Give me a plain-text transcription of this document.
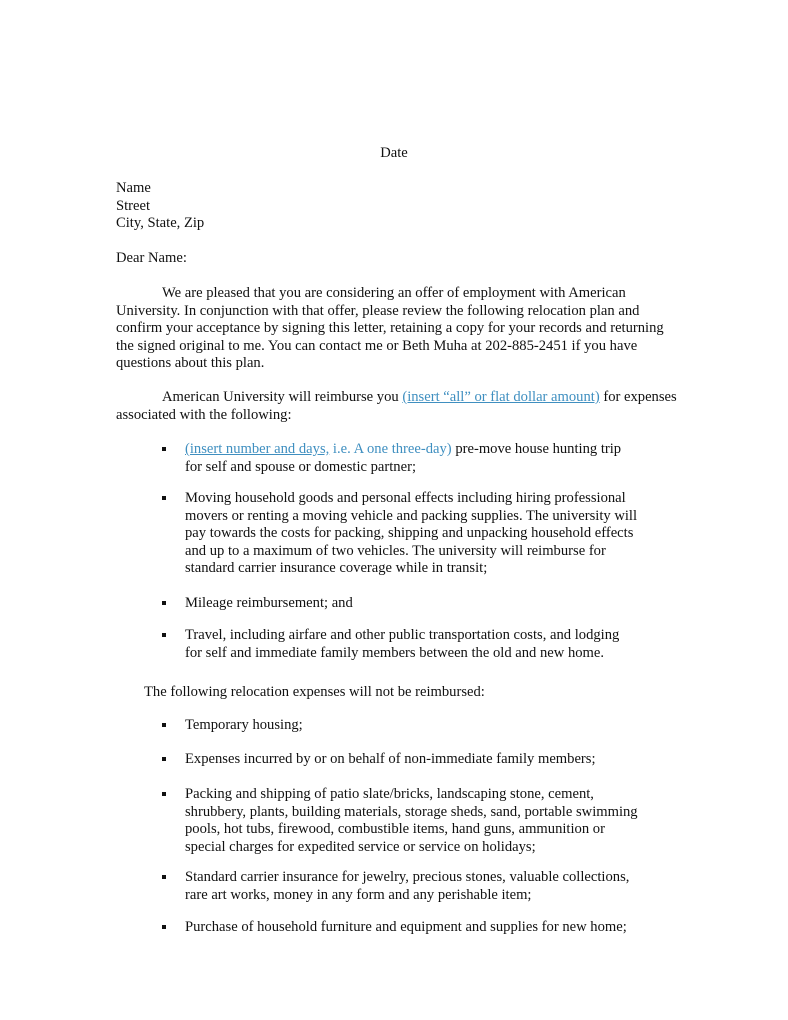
Date
Name
Street
City, State, Zip
Dear Name:
We are pleased that you are considering an offer of employment with American
University. In conjunction with that offer, please review the following relocation plan and
confirm your acceptance by signing this letter, retaining a copy for your records and returning
the signed original to me. You can contact me or Beth Muha at 202-885-2451 if you have
questions about this plan.
American University will reimburse you (insert “all” or flat dollar amount) for expenses
associated with the following:
(insert number and days, i.e. A one three-day) pre-move house hunting trip
for self and spouse or domestic partner;
Moving household goods and personal effects including hiring professional
movers or renting a moving vehicle and packing supplies. The university will
pay towards the costs for packing, shipping and unpacking household effects
and up to a maximum of two vehicles. The university will reimburse for
standard carrier insurance coverage while in transit;
Mileage reimbursement; and
Travel, including airfare and other public transportation costs, and lodging
for self and immediate family members between the old and new home.
The following relocation expenses will not be reimbursed:
Temporary housing;
Expenses incurred by or on behalf of non-immediate family members;
Packing and shipping of patio slate/bricks, landscaping stone, cement,
shrubbery, plants, building materials, storage sheds, sand, portable swimming
pools, hot tubs, firewood, combustible items, hand guns, ammunition or
special charges for expedited service or service on holidays;
Standard carrier insurance for jewelry, precious stones, valuable collections,
rare art works, money in any form and any perishable item;
Purchase of household furniture and equipment and supplies for new home;
